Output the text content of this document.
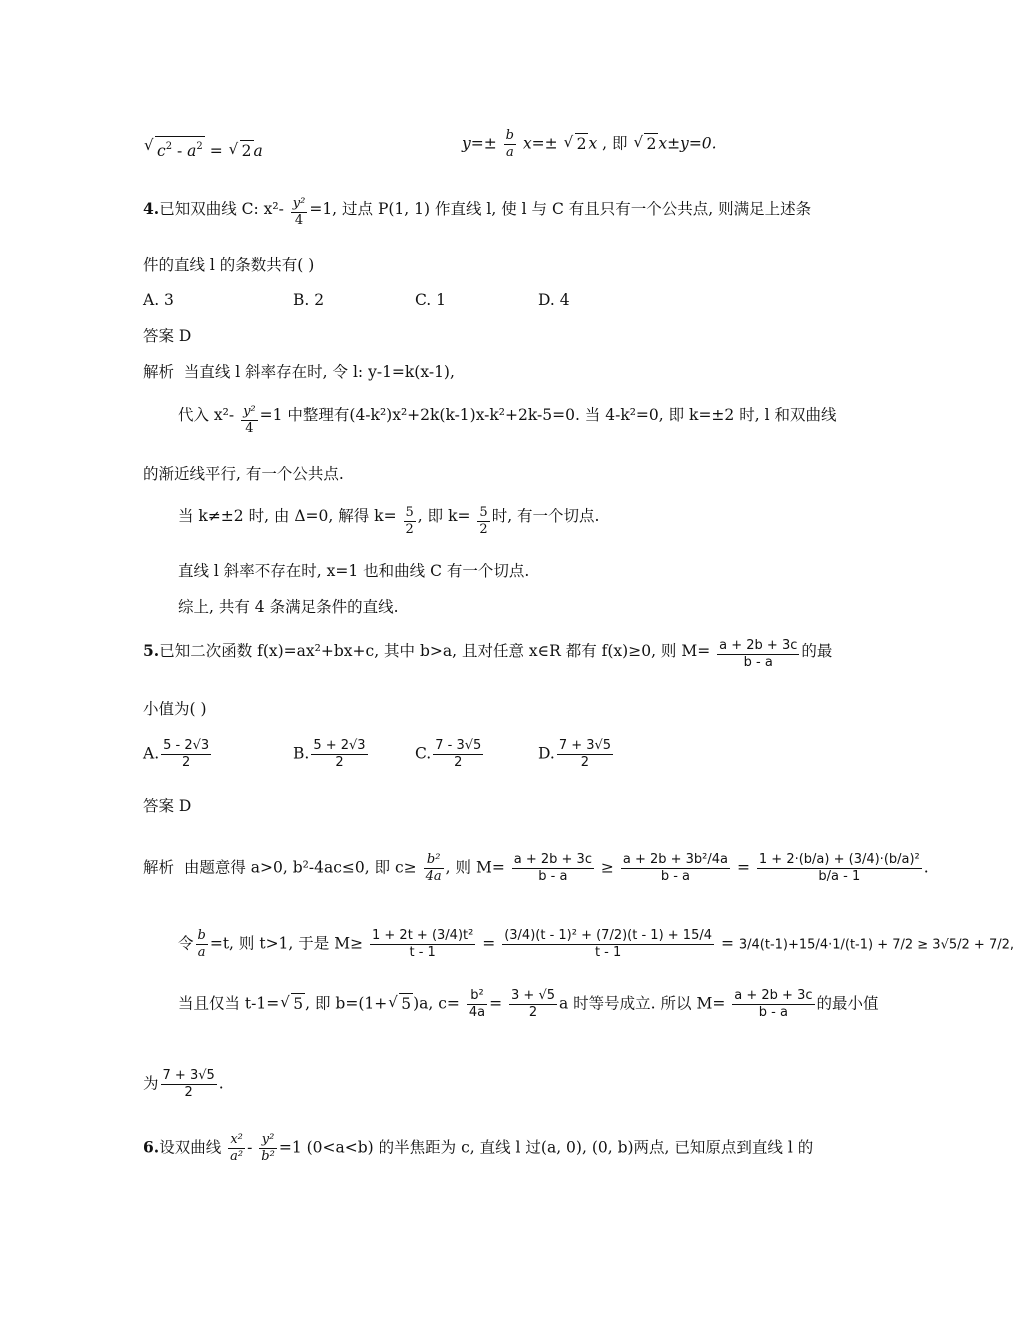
√ $c^2 - a^2$ = √ 2 a	$y=\pm \frac{b}{a} x=\pm$ √ 2 x , 即 √ 2 x±y=0.
4.已知双曲线 C: $x^2- \frac{\text{y²}}{4} =1$, 过点 P(1, 1) 作直线 l, 使 l 与 C 有且只有一个公共点, 则满足上述条
件的直线 l 的条数共有( )
A. 3	B. 2	C. 1	D. 4
答案 D
解析 当直线 l 斜率存在时, 令 l: y-1=k(x-1),
代入 $x^2- \frac{\text{y²}}{4} =1$ 中整理有(4-k²)x²+2k(k-1)x-k²+2k-5=0. 当 4-k²=0, 即 k=±2 时, l 和双曲线
的渐近线平行, 有一个公共点.
当 k≠±2 时, 由 Δ=0, 解得 $k= \frac{5}{2}$ , 即 $k= \frac{5}{2}$ 时, 有一个切点.
直线 l 斜率不存在时, x=1 也和曲线 C 有一个切点.
综上, 共有 4 条满足条件的直线.
5.已知二次函数 f(x)=ax²+bx+c, 其中 b>a, 且对任意 x∈R 都有 f(x)≥0, 则 $M= \frac{a + 2b + 3c}{b - a}$ 的最
小值为( )
A. $\frac{5 - 2√3}{2}$	B. $\frac{5 + 2√3}{2}$	C. $\frac{7 - 3√5}{2}$	D. $\frac{7 + 3√5}{2}$
答案 D
解析 由题意得 a>0, b²-4ac≤0, 即 $c\ge \frac{\text{b²}}{4a}$ , 则 $M= \frac{a + 2b + 3c}{b - a} \ge \frac{\text{a + 2b + 3b²/4a}}{b - a} = \frac{\text{1 + 2·(b/a) + (3/4)·(b/a)²}}{b/a - 1}$ .
令 $\frac{b}{a} =t$, 则 t>1, 于是 $M\ge \frac{\text{1 + 2t + (3/4)t²}}{t - 1} = \frac{\text{(3/4)(t - 1)² + (7/2)(t - 1) + 15/4}}{t - 1} = 3/4(t-1)+15/4\cdot 1/(t-1) + 7/2 \ge 3√5/2 + 7/2$,
当且仅当 t-1= √ 5 , 即 b=(1+ √ 5 )a, $c= \frac{\text{b²}}{4a} = \frac{3 + √5}{2}$ a 时等号成立. 所以 $M= \frac{a + 2b + 3c}{b - a}$ 的最小值
为 $\frac{7 + 3√5}{2}$ .
6.设双曲线 $\frac{\text{x²}}{\text{a²}} - \frac{\text{y²}}{\text{b²}} =1$ (0<a<b) 的半焦距为 c, 直线 l 过(a, 0), (0, b)两点, 已知原点到直线 l 的
